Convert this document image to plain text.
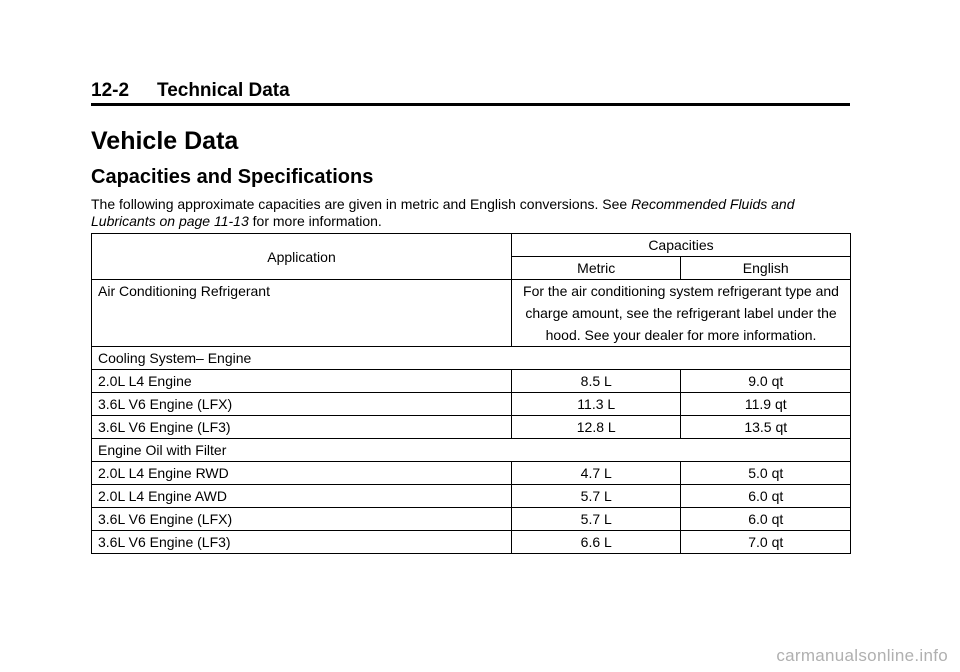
12-2	Technical Data
Vehicle Data
Capacities and Specifications

The following approximate capacities are given in metric and English conversions. See Recommended Fluids and Lubricants on page 11-13 for more information.

Application	Capacities	
	Metric	English
Air Conditioning Refrigerant	For the air conditioning system refrigerant type and charge amount, see the refrigerant label under the hood. See your dealer for more information.	
Cooling System– Engine		
2.0L L4 Engine	8.5 L	9.0 qt
3.6L V6 Engine (LFX)	11.3 L	11.9 qt
3.6L V6 Engine (LF3)	12.8 L	13.5 qt
Engine Oil with Filter		
2.0L L4 Engine RWD	4.7 L	5.0 qt
2.0L L4 Engine AWD	5.7 L	6.0 qt
3.6L V6 Engine (LFX)	5.7 L	6.0 qt
3.6L V6 Engine (LF3)	6.6 L	7.0 qt
carmanualsonline.info
